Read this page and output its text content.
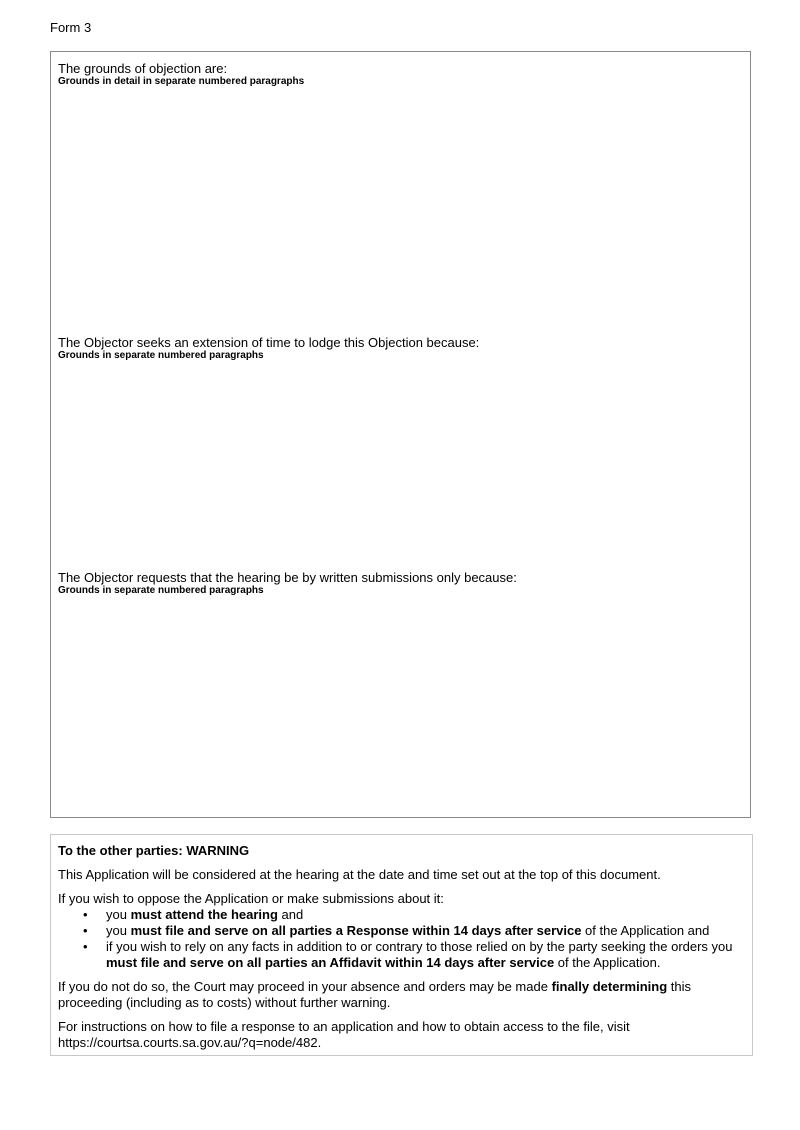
Form 3
The grounds of objection are:
Grounds in detail in separate numbered paragraphs
The Objector seeks an extension of time to lodge this Objection because:
Grounds in separate numbered paragraphs
The Objector requests that the hearing be by written submissions only because:
Grounds in separate numbered paragraphs

To the other parties: WARNING

This Application will be considered at the hearing at the date and time set out at the top of this document.

If you wish to oppose the Application or make submissions about it:

• you must attend the hearing and
• you must file and serve on all parties a Response within 14 days after service of the Application and
• if you wish to rely on any facts in addition to or contrary to those relied on by the party seeking the orders you must file and serve on all parties an Affidavit within 14 days after service of the Application.

If you do not do so, the Court may proceed in your absence and orders may be made finally determining this proceeding (including as to costs) without further warning.

For instructions on how to file a response to an application and how to obtain access to the file, visit https://courtsa.courts.sa.gov.au/?q=node/482.
